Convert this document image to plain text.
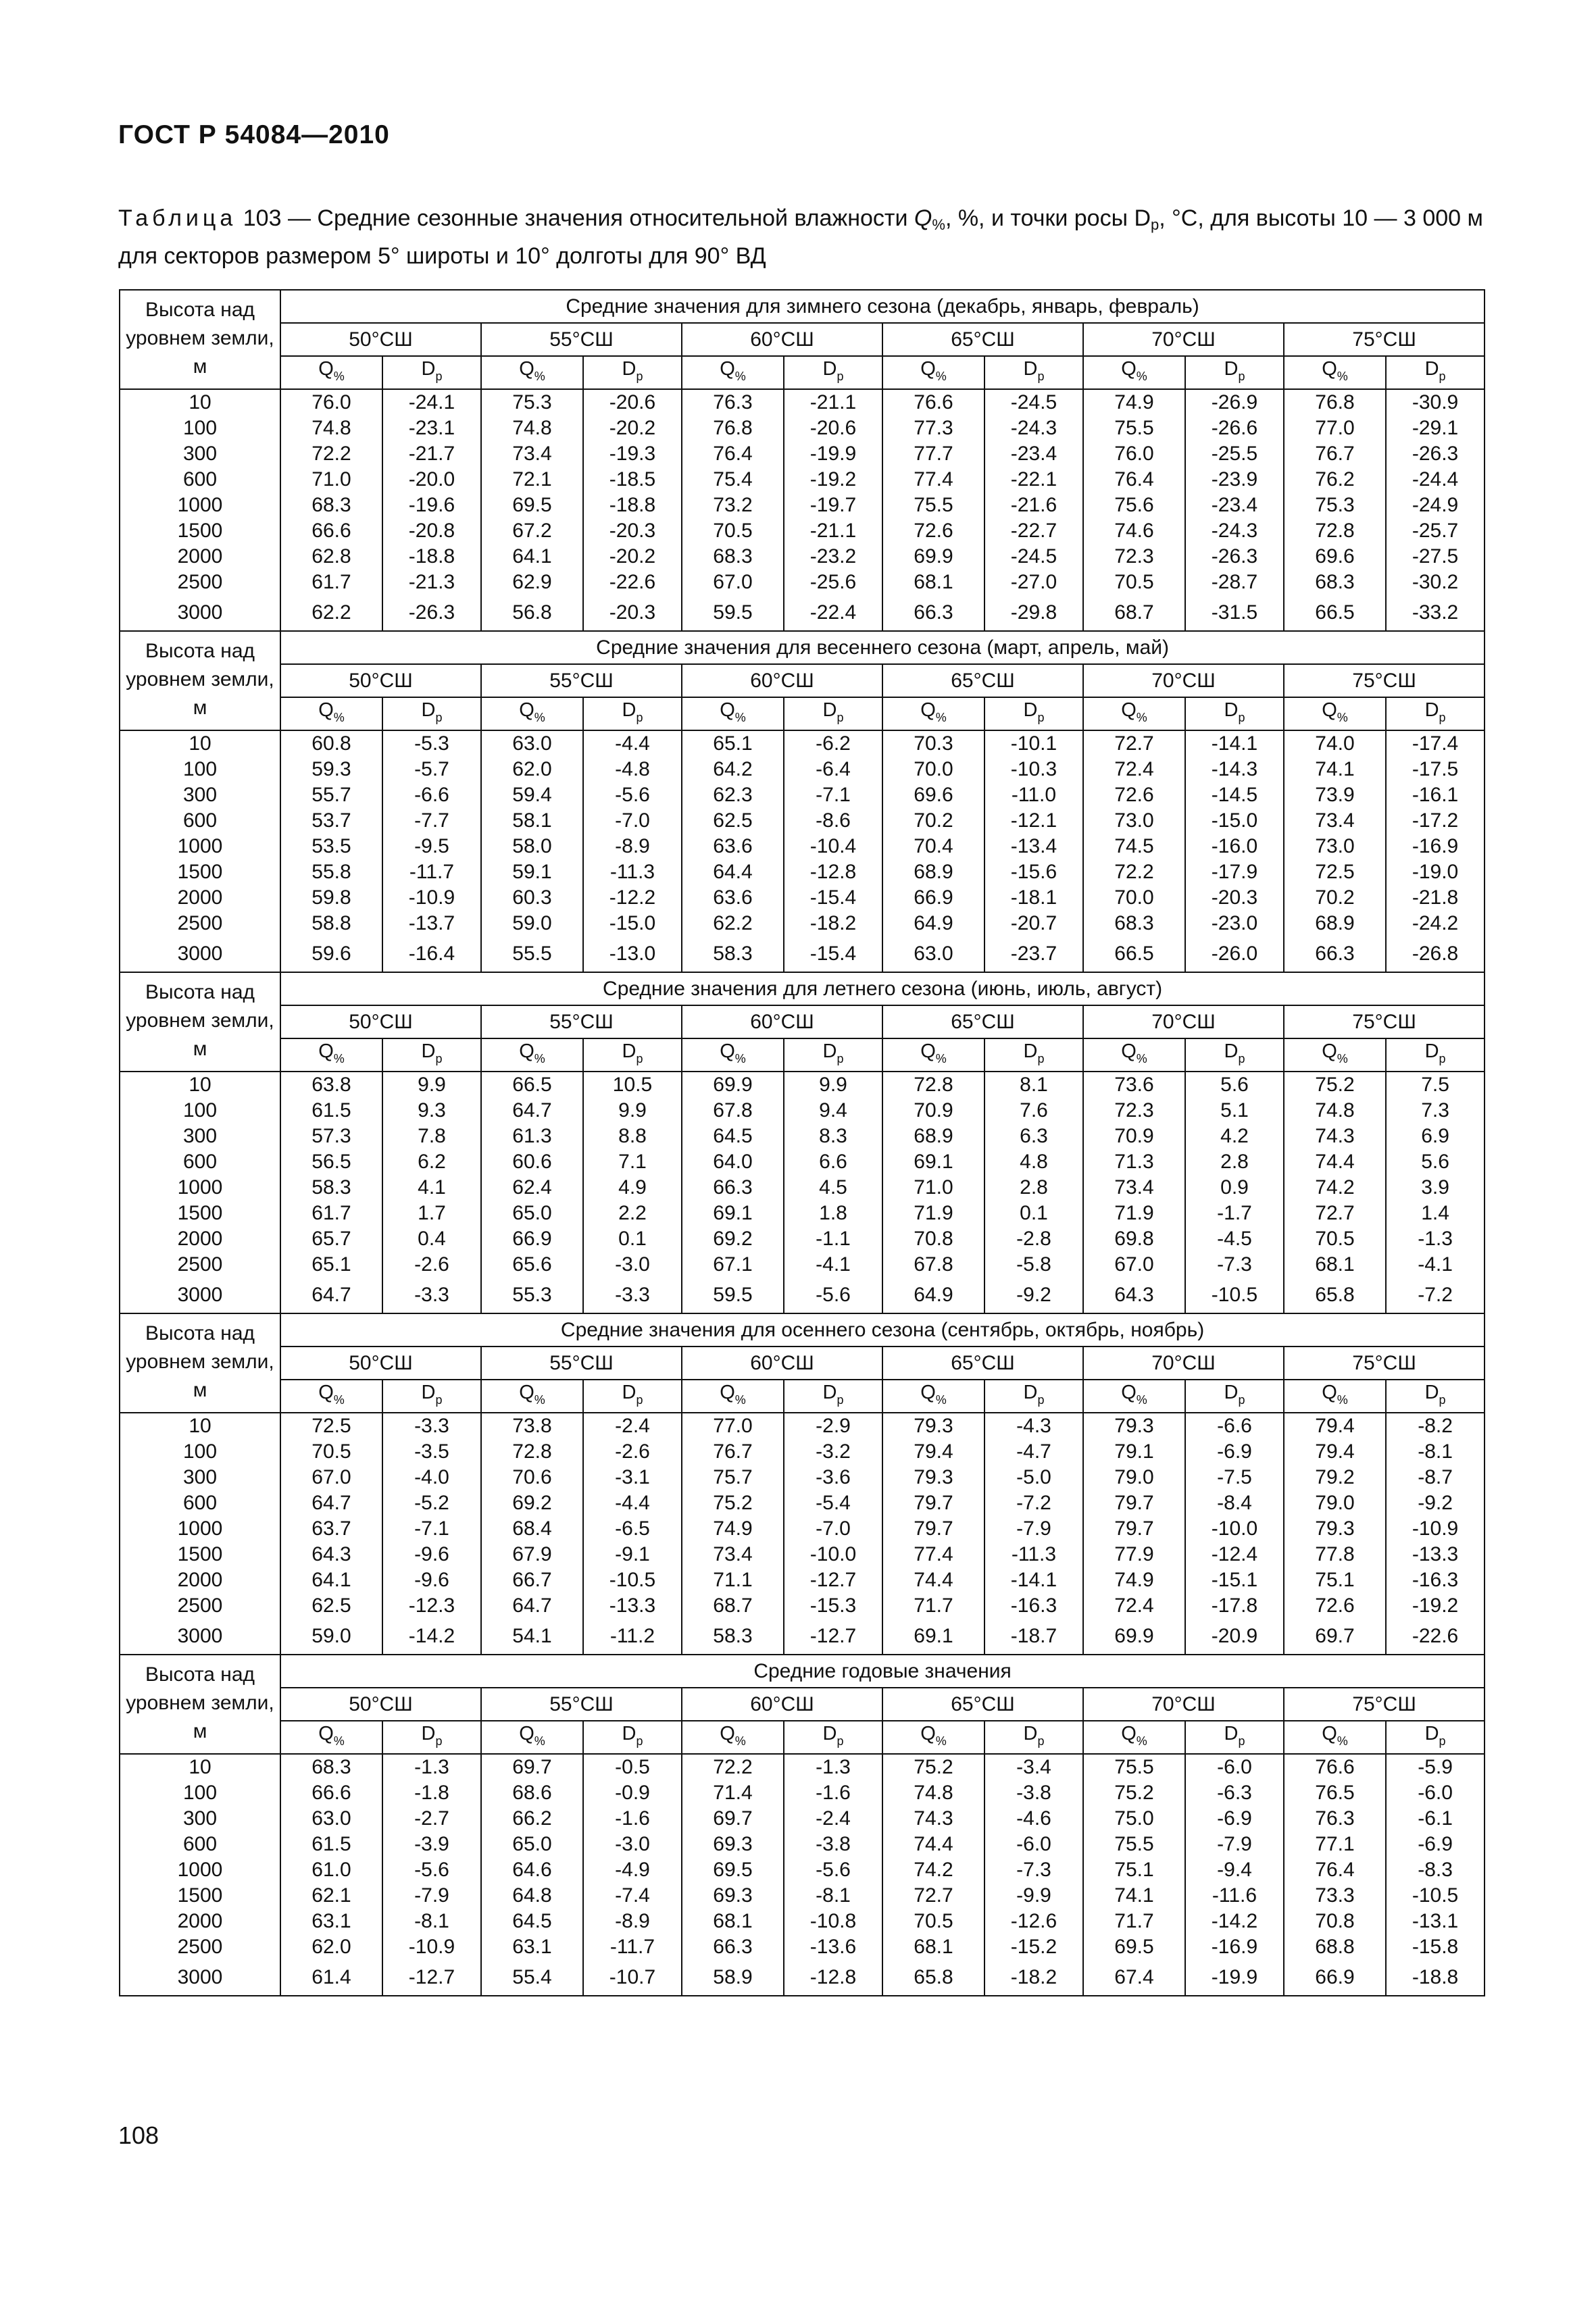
ГОСТ Р 54084—2010
Таблица 103 — Средние сезонные значения относительной влажности $Q_{\%}$, %, и точки росы $D_p$, °C, для высоты 10 — 3 000 м для секторов размером 5° широты и 10° долготы для 90° ВД
Высота над уровнем земли, м	Средние значения для зимнего сезона (декабрь, январь, февраль)											
	50°СШ		55°СШ		60°СШ		65°СШ		70°СШ		75°СШ	
	$Q_{\%}$	$D_p$	$Q_{\%}$	$D_p$	$Q_{\%}$	$D_p$	$Q_{\%}$	$D_p$	$Q_{\%}$	$D_p$	$Q_{\%}$	$D_p$
10	76.0	-24.1	75.3	-20.6	76.3	-21.1	76.6	-24.5	74.9	-26.9	76.8	-30.9
100	74.8	-23.1	74.8	-20.2	76.8	-20.6	77.3	-24.3	75.5	-26.6	77.0	-29.1
300	72.2	-21.7	73.4	-19.3	76.4	-19.9	77.7	-23.4	76.0	-25.5	76.7	-26.3
600	71.0	-20.0	72.1	-18.5	75.4	-19.2	77.4	-22.1	76.4	-23.9	76.2	-24.4
1000	68.3	-19.6	69.5	-18.8	73.2	-19.7	75.5	-21.6	75.6	-23.4	75.3	-24.9
1500	66.6	-20.8	67.2	-20.3	70.5	-21.1	72.6	-22.7	74.6	-24.3	72.8	-25.7
2000	62.8	-18.8	64.1	-20.2	68.3	-23.2	69.9	-24.5	72.3	-26.3	69.6	-27.5
2500	61.7	-21.3	62.9	-22.6	67.0	-25.6	68.1	-27.0	70.5	-28.7	68.3	-30.2
3000	62.2	-26.3	56.8	-20.3	59.5	-22.4	66.3	-29.8	68.7	-31.5	66.5	-33.2
Высота над уровнем земли, м	Средние значения для весеннего сезона (март, апрель, май)											
	50°СШ		55°СШ		60°СШ		65°СШ		70°СШ		75°СШ	
	$Q_{\%}$	$D_p$	$Q_{\%}$	$D_p$	$Q_{\%}$	$D_p$	$Q_{\%}$	$D_p$	$Q_{\%}$	$D_p$	$Q_{\%}$	$D_p$
10	60.8	-5.3	63.0	-4.4	65.1	-6.2	70.3	-10.1	72.7	-14.1	74.0	-17.4
100	59.3	-5.7	62.0	-4.8	64.2	-6.4	70.0	-10.3	72.4	-14.3	74.1	-17.5
300	55.7	-6.6	59.4	-5.6	62.3	-7.1	69.6	-11.0	72.6	-14.5	73.9	-16.1
600	53.7	-7.7	58.1	-7.0	62.5	-8.6	70.2	-12.1	73.0	-15.0	73.4	-17.2
1000	53.5	-9.5	58.0	-8.9	63.6	-10.4	70.4	-13.4	74.5	-16.0	73.0	-16.9
1500	55.8	-11.7	59.1	-11.3	64.4	-12.8	68.9	-15.6	72.2	-17.9	72.5	-19.0
2000	59.8	-10.9	60.3	-12.2	63.6	-15.4	66.9	-18.1	70.0	-20.3	70.2	-21.8
2500	58.8	-13.7	59.0	-15.0	62.2	-18.2	64.9	-20.7	68.3	-23.0	68.9	-24.2
3000	59.6	-16.4	55.5	-13.0	58.3	-15.4	63.0	-23.7	66.5	-26.0	66.3	-26.8
Высота над уровнем земли, м	Средние значения для летнего сезона (июнь, июль, август)											
	50°СШ		55°СШ		60°СШ		65°СШ		70°СШ		75°СШ	
	$Q_{\%}$	$D_p$	$Q_{\%}$	$D_p$	$Q_{\%}$	$D_p$	$Q_{\%}$	$D_p$	$Q_{\%}$	$D_p$	$Q_{\%}$	$D_p$
10	63.8	9.9	66.5	10.5	69.9	9.9	72.8	8.1	73.6	5.6	75.2	7.5
100	61.5	9.3	64.7	9.9	67.8	9.4	70.9	7.6	72.3	5.1	74.8	7.3
300	57.3	7.8	61.3	8.8	64.5	8.3	68.9	6.3	70.9	4.2	74.3	6.9
600	56.5	6.2	60.6	7.1	64.0	6.6	69.1	4.8	71.3	2.8	74.4	5.6
1000	58.3	4.1	62.4	4.9	66.3	4.5	71.0	2.8	73.4	0.9	74.2	3.9
1500	61.7	1.7	65.0	2.2	69.1	1.8	71.9	0.1	71.9	-1.7	72.7	1.4
2000	65.7	0.4	66.9	0.1	69.2	-1.1	70.8	-2.8	69.8	-4.5	70.5	-1.3
2500	65.1	-2.6	65.6	-3.0	67.1	-4.1	67.8	-5.8	67.0	-7.3	68.1	-4.1
3000	64.7	-3.3	55.3	-3.3	59.5	-5.6	64.9	-9.2	64.3	-10.5	65.8	-7.2
Высота над уровнем земли, м	Средние значения для осеннего сезона (сентябрь, октябрь, ноябрь)											
	50°СШ		55°СШ		60°СШ		65°СШ		70°СШ		75°СШ	
	$Q_{\%}$	$D_p$	$Q_{\%}$	$D_p$	$Q_{\%}$	$D_p$	$Q_{\%}$	$D_p$	$Q_{\%}$	$D_p$	$Q_{\%}$	$D_p$
10	72.5	-3.3	73.8	-2.4	77.0	-2.9	79.3	-4.3	79.3	-6.6	79.4	-8.2
100	70.5	-3.5	72.8	-2.6	76.7	-3.2	79.4	-4.7	79.1	-6.9	79.4	-8.1
300	67.0	-4.0	70.6	-3.1	75.7	-3.6	79.3	-5.0	79.0	-7.5	79.2	-8.7
600	64.7	-5.2	69.2	-4.4	75.2	-5.4	79.7	-7.2	79.7	-8.4	79.0	-9.2
1000	63.7	-7.1	68.4	-6.5	74.9	-7.0	79.7	-7.9	79.7	-10.0	79.3	-10.9
1500	64.3	-9.6	67.9	-9.1	73.4	-10.0	77.4	-11.3	77.9	-12.4	77.8	-13.3
2000	64.1	-9.6	66.7	-10.5	71.1	-12.7	74.4	-14.1	74.9	-15.1	75.1	-16.3
2500	62.5	-12.3	64.7	-13.3	68.7	-15.3	71.7	-16.3	72.4	-17.8	72.6	-19.2
3000	59.0	-14.2	54.1	-11.2	58.3	-12.7	69.1	-18.7	69.9	-20.9	69.7	-22.6
Высота над уровнем земли, м	Средние годовые значения											
	50°СШ		55°СШ		60°СШ		65°СШ		70°СШ		75°СШ	
	$Q_{\%}$	$D_p$	$Q_{\%}$	$D_p$	$Q_{\%}$	$D_p$	$Q_{\%}$	$D_p$	$Q_{\%}$	$D_p$	$Q_{\%}$	$D_p$
10	68.3	-1.3	69.7	-0.5	72.2	-1.3	75.2	-3.4	75.5	-6.0	76.6	-5.9
100	66.6	-1.8	68.6	-0.9	71.4	-1.6	74.8	-3.8	75.2	-6.3	76.5	-6.0
300	63.0	-2.7	66.2	-1.6	69.7	-2.4	74.3	-4.6	75.0	-6.9	76.3	-6.1
600	61.5	-3.9	65.0	-3.0	69.3	-3.8	74.4	-6.0	75.5	-7.9	77.1	-6.9
1000	61.0	-5.6	64.6	-4.9	69.5	-5.6	74.2	-7.3	75.1	-9.4	76.4	-8.3
1500	62.1	-7.9	64.8	-7.4	69.3	-8.1	72.7	-9.9	74.1	-11.6	73.3	-10.5
2000	63.1	-8.1	64.5	-8.9	68.1	-10.8	70.5	-12.6	71.7	-14.2	70.8	-13.1
2500	62.0	-10.9	63.1	-11.7	66.3	-13.6	68.1	-15.2	69.5	-16.9	68.8	-15.8
3000	61.4	-12.7	55.4	-10.7	58.9	-12.8	65.8	-18.2	67.4	-19.9	66.9	-18.8
108
